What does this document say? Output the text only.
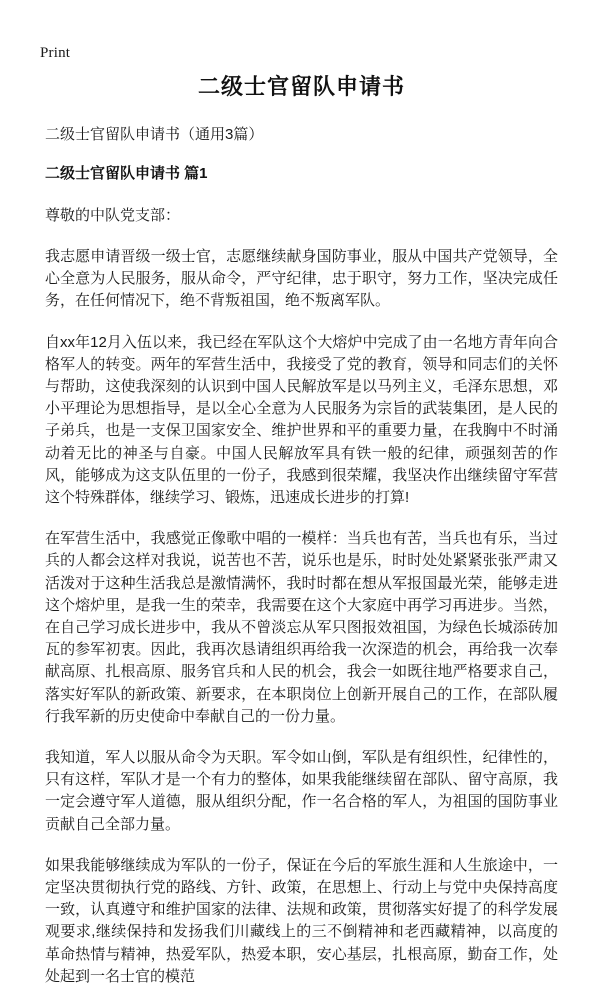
Print
二级士官留队申请书
二级士官留队申请书（通用3篇）
二级士官留队申请书 篇1
尊敬的中队党支部：

我志愿申请晋级一级士官，志愿继续献身国防事业，服从中国共产党领导，全心全意为人民服务，服从命令，严守纪律，忠于职守，努力工作，坚决完成任务，在任何情况下，绝不背叛祖国，绝不叛离军队。

自xx年12月入伍以来，我已经在军队这个大熔炉中完成了由一名地方青年向合格军人的转变。两年的军营生活中，我接受了党的教育，领导和同志们的关怀与帮助，这使我深刻的认识到中国人民解放军是以马列主义，毛泽东思想，邓小平理论为思想指导，是以全心全意为人民服务为宗旨的武装集团，是人民的子弟兵，也是一支保卫国家安全、维护世界和平的重要力量，在我胸中不时涌动着无比的神圣与自豪。中国人民解放军具有铁一般的纪律，顽强刻苦的作风，能够成为这支队伍里的一份子，我感到很荣耀，我坚决作出继续留守军营这个特殊群体，继续学习、锻炼，迅速成长进步的打算!

在军营生活中，我感觉正像歌中唱的一模样：当兵也有苦，当兵也有乐，当过兵的人都会这样对我说，说苦也不苦，说乐也是乐，时时处处紧紧张张严肃又活泼对于这种生活我总是激情满怀，我时时都在想从军报国最光荣，能够走进这个熔炉里，是我一生的荣幸，我需要在这个大家庭中再学习再进步。当然，在自己学习成长进步中，我从不曾淡忘从军只图报效祖国，为绿色长城添砖加瓦的参军初衷。因此，我再次恳请组织再给我一次深造的机会，再给我一次奉献高原、扎根高原、服务官兵和人民的机会，我会一如既往地严格要求自己，落实好军队的新政策、新要求，在本职岗位上创新开展自己的工作，在部队履行我军新的历史使命中奉献自己的一份力量。

我知道，军人以服从命令为天职。军令如山倒，军队是有组织性，纪律性的，只有这样，军队才是一个有力的整体，如果我能继续留在部队、留守高原，我一定会遵守军人道德，服从组织分配，作一名合格的军人，为祖国的国防事业贡献自己全部力量。

如果我能够继续成为军队的一份子，保证在今后的军旅生涯和人生旅途中，一定坚决贯彻执行党的路线、方针、政策，在思想上、行动上与党中央保持高度一致，认真遵守和维护国家的法律、法规和政策，贯彻落实好提了的科学发展观要求,继续保持和发扬我们川藏线上的三不倒精神和老西藏精神，以高度的革命热情与精神，热爱军队，热爱本职，安心基层，扎根高原，勤奋工作，处处起到一名士官的模范
